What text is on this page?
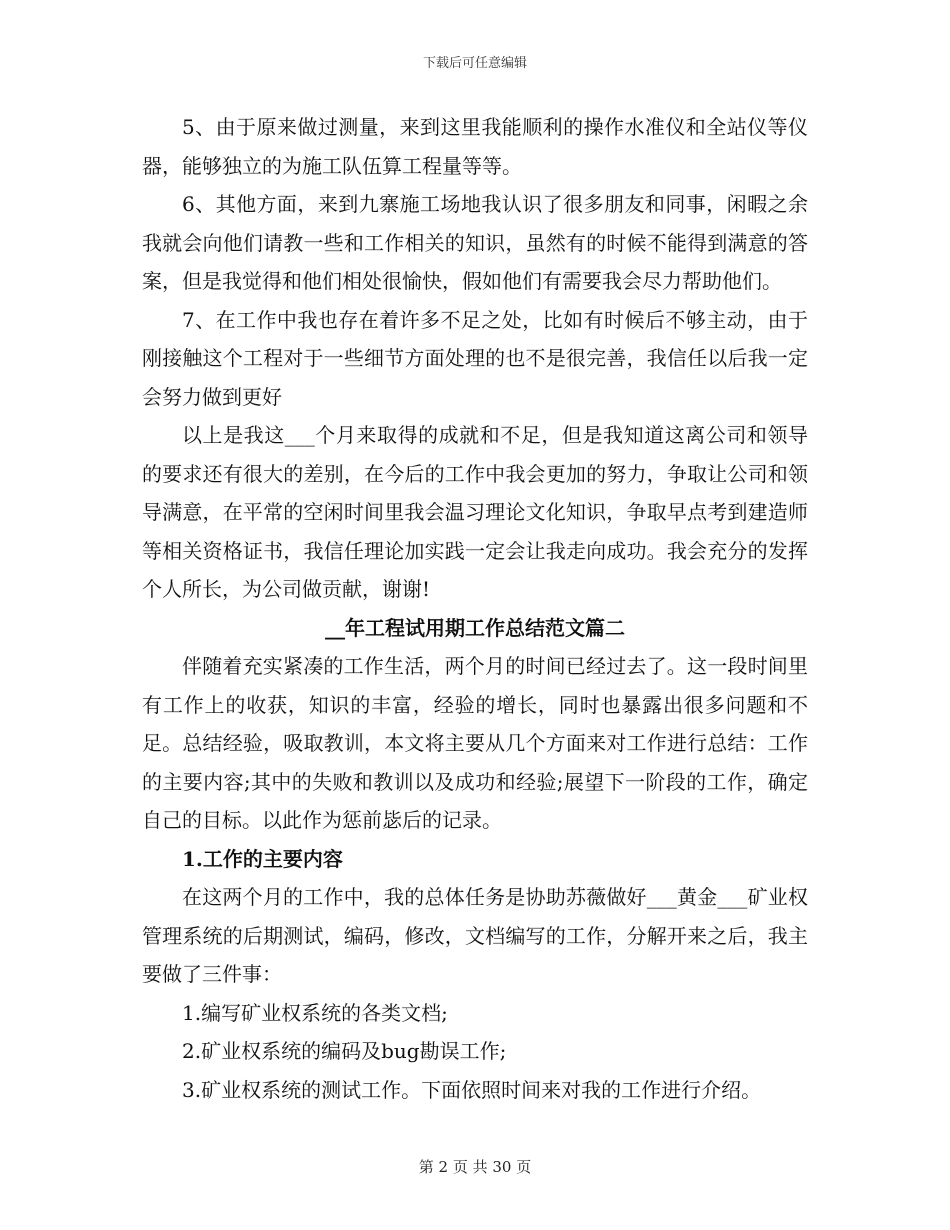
下载后可任意编辑

5、由于原来做过测量，来到这里我能顺利的操作水准仪和全站仪等仪器，能够独立的为施工队伍算工程量等等。

6、其他方面，来到九寨施工场地我认识了很多朋友和同事，闲暇之余我就会向他们请教一些和工作相关的知识，虽然有的时候不能得到满意的答案，但是我觉得和他们相处很愉快，假如他们有需要我会尽力帮助他们。

7、在工作中我也存在着许多不足之处，比如有时候后不够主动，由于刚接触这个工程对于一些细节方面处理的也不是很完善，我信任以后我一定会努力做到更好

以上是我这___个月来取得的成就和不足，但是我知道这离公司和领导的要求还有很大的差别，在今后的工作中我会更加的努力，争取让公司和领导满意，在平常的空闲时间里我会温习理论文化知识，争取早点考到建造师等相关资格证书，我信任理论加实践一定会让我走向成功。我会充分的发挥个人所长，为公司做贡献，谢谢!

__年工程试用期工作总结范文篇二

伴随着充实紧凑的工作生活，两个月的时间已经过去了。这一段时间里有工作上的收获，知识的丰富，经验的增长，同时也暴露出很多问题和不足。总结经验，吸取教训，本文将主要从几个方面来对工作进行总结：工作的主要内容;其中的失败和教训以及成功和经验;展望下一阶段的工作，确定自己的目标。以此作为惩前毖后的记录。

1.工作的主要内容

在这两个月的工作中，我的总体任务是协助苏薇做好___黄金___矿业权管理系统的后期测试，编码，修改，文档编写的工作，分解开来之后，我主要做了三件事：

1.编写矿业权系统的各类文档;

2.矿业权系统的编码及bug勘误工作;

3.矿业权系统的测试工作。下面依照时间来对我的工作进行介绍。

第 2 页 共 30 页
